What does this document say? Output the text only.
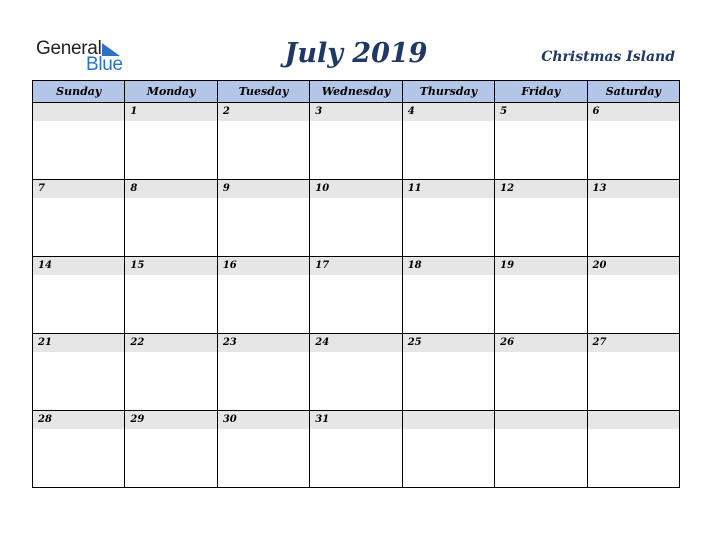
General
Blue	July 2019	Christmas Island
Sunday	Monday	Tuesday	Wednesday	Thursday	Friday	Saturday

	1	2	3	4	5	6

7	8	9	10	11	12	13

14	15	16	17	18	19	20

21	22	23	24	25	26	27

28	29	30	31			
